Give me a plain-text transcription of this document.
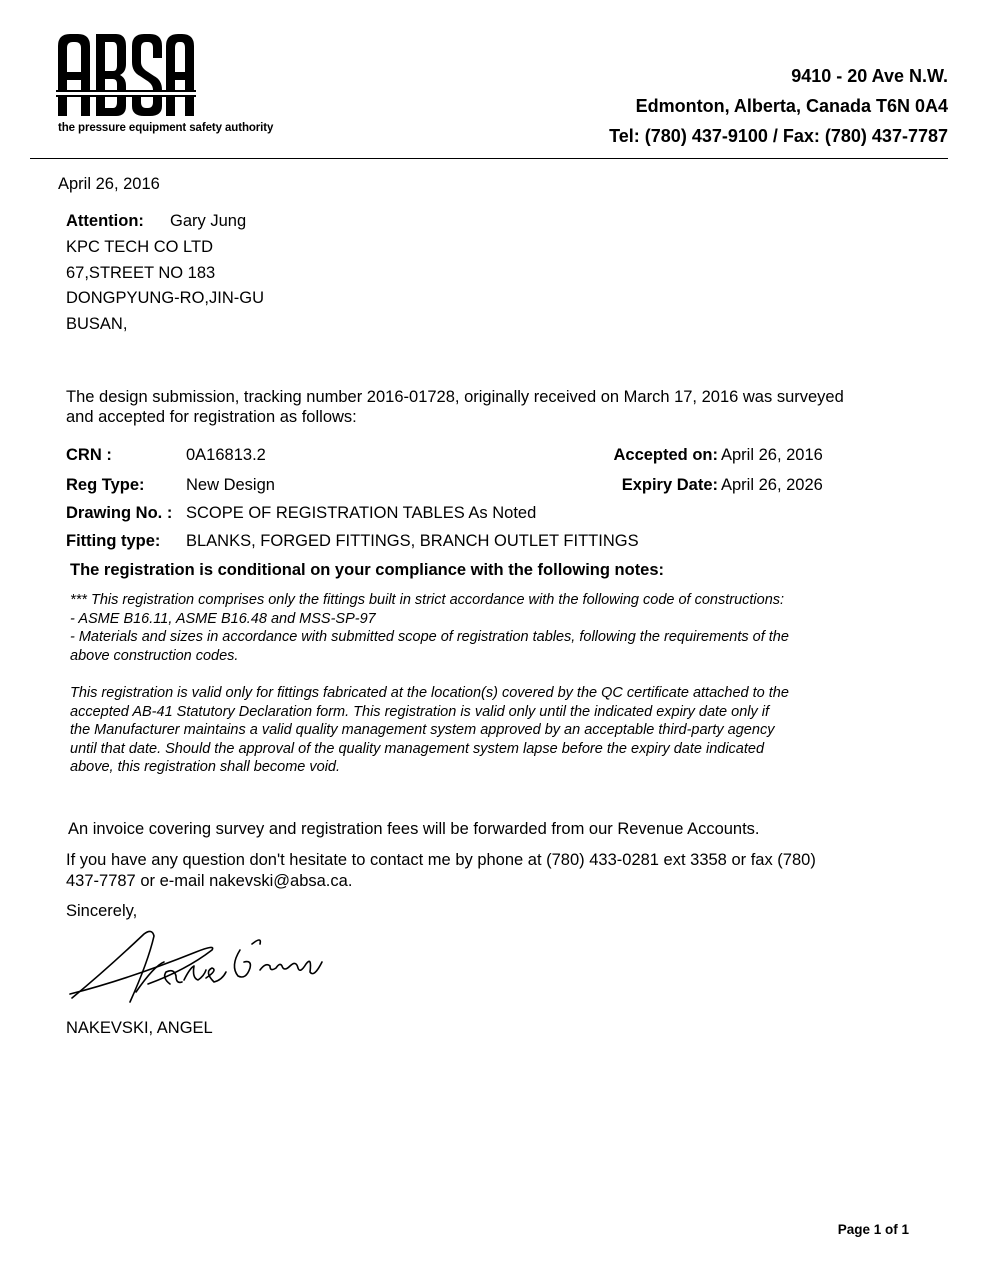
the pressure equipment safety authority
9410 - 20 Ave N.W.
Edmonton, Alberta, Canada T6N 0A4
Tel: (780) 437-9100 / Fax: (780) 437-7787
April 26, 2016
Attention: Gary Jung
KPC TECH CO LTD
67,STREET NO 183
DONGPYUNG-RO,JIN-GU
BUSAN,
The design submission, tracking number 2016-01728, originally received on March 17, 2016 was surveyed
and accepted for registration as follows:
CRN :	0A16813.2	Accepted on: April 26, 2016
Reg Type:	New Design	Expiry Date: April 26, 2026
Drawing No. : SCOPE OF REGISTRATION TABLES As Noted
Fitting type: BLANKS, FORGED FITTINGS, BRANCH OUTLET FITTINGS
The registration is conditional on your compliance with the following notes:
*** This registration comprises only the fittings built in strict accordance with the following code of constructions:
- ASME B16.11, ASME B16.48 and MSS-SP-97
- Materials and sizes in accordance with submitted scope of registration tables, following the requirements of the
above construction codes.
This registration is valid only for fittings fabricated at the location(s) covered by the QC certificate attached to the
accepted AB-41 Statutory Declaration form. This registration is valid only until the indicated expiry date only if
the Manufacturer maintains a valid quality management system approved by an acceptable third-party agency
until that date. Should the approval of the quality management system lapse before the expiry date indicated
above, this registration shall become void.
An invoice covering survey and registration fees will be forwarded from our Revenue Accounts.
If you have any question don't hesitate to contact me by phone at (780) 433-0281 ext 3358 or fax (780)
437-7787 or e-mail nakevski@absa.ca.
Sincerely,
NAKEVSKI, ANGEL
Page 1 of 1
